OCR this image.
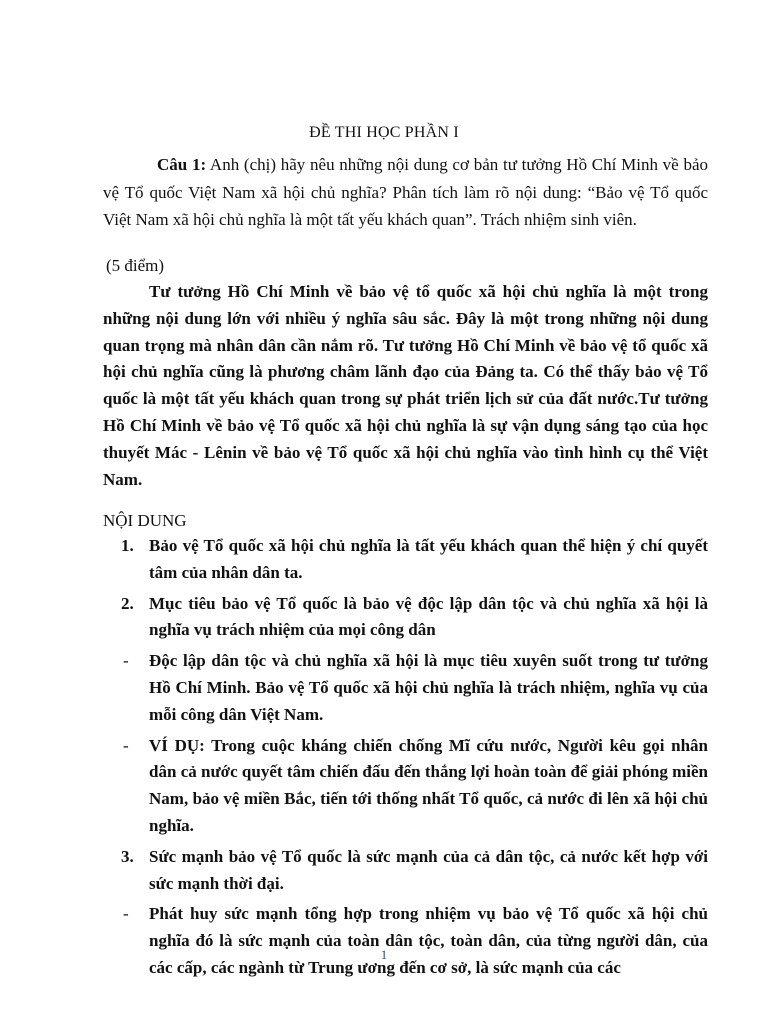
ĐỀ THI HỌC PHẦN I
Câu 1: Anh (chị) hãy nêu những nội dung cơ bản tư tưởng Hồ Chí Minh về bảo vệ Tổ quốc Việt Nam xã hội chủ nghĩa? Phân tích làm rõ nội dung: “Bảo vệ Tổ quốc Việt Nam xã hội chủ nghĩa là một tất yếu khách quan”. Trách nhiệm sinh viên.
(5 điểm)
Tư tưởng Hồ Chí Minh về bảo vệ tổ quốc xã hội chủ nghĩa là một trong những nội dung lớn với nhiều ý nghĩa sâu sắc. Đây là một trong những nội dung quan trọng mà nhân dân cần nắm rõ. Tư tưởng Hồ Chí Minh về bảo vệ tổ quốc xã hội chủ nghĩa cũng là phương châm lãnh đạo của Đảng ta. Có thể thấy bảo vệ Tổ quốc là một tất yếu khách quan trong sự phát triển lịch sử của đất nước.Tư tưởng Hồ Chí Minh về bảo vệ Tổ quốc xã hội chủ nghĩa là sự vận dụng sáng tạo của học thuyết Mác - Lênin về bảo vệ Tổ quốc xã hội chủ nghĩa vào tình hình cụ thể Việt Nam.
NỘI DUNG
1. Bảo vệ Tổ quốc xã hội chủ nghĩa là tất yếu khách quan thể hiện ý chí quyết tâm của nhân dân ta.
2. Mục tiêu bảo vệ Tổ quốc là bảo vệ độc lập dân tộc và chủ nghĩa xã hội là nghĩa vụ trách nhiệm của mọi công dân
- Độc lập dân tộc và chủ nghĩa xã hội là mục tiêu xuyên suốt trong tư tưởng Hồ Chí Minh. Bảo vệ Tổ quốc xã hội chủ nghĩa là trách nhiệm, nghĩa vụ của mỗi công dân Việt Nam.
- VÍ DỤ: Trong cuộc kháng chiến chống Mĩ cứu nước, Người kêu gọi nhân dân cả nước quyết tâm chiến đấu đến thắng lợi hoàn toàn để giải phóng miền Nam, bảo vệ miền Bắc, tiến tới thống nhất Tổ quốc, cả nước đi lên xã hội chủ nghĩa.
3. Sức mạnh bảo vệ Tổ quốc là sức mạnh của cả dân tộc, cả nước kết hợp với sức mạnh thời đại.
- Phát huy sức mạnh tổng hợp trong nhiệm vụ bảo vệ Tổ quốc xã hội chủ nghĩa đó là sức mạnh của toàn dân tộc, toàn dân, của từng người dân, của các cấp, các ngành từ Trung ương đến cơ sở, là sức mạnh của các
1
